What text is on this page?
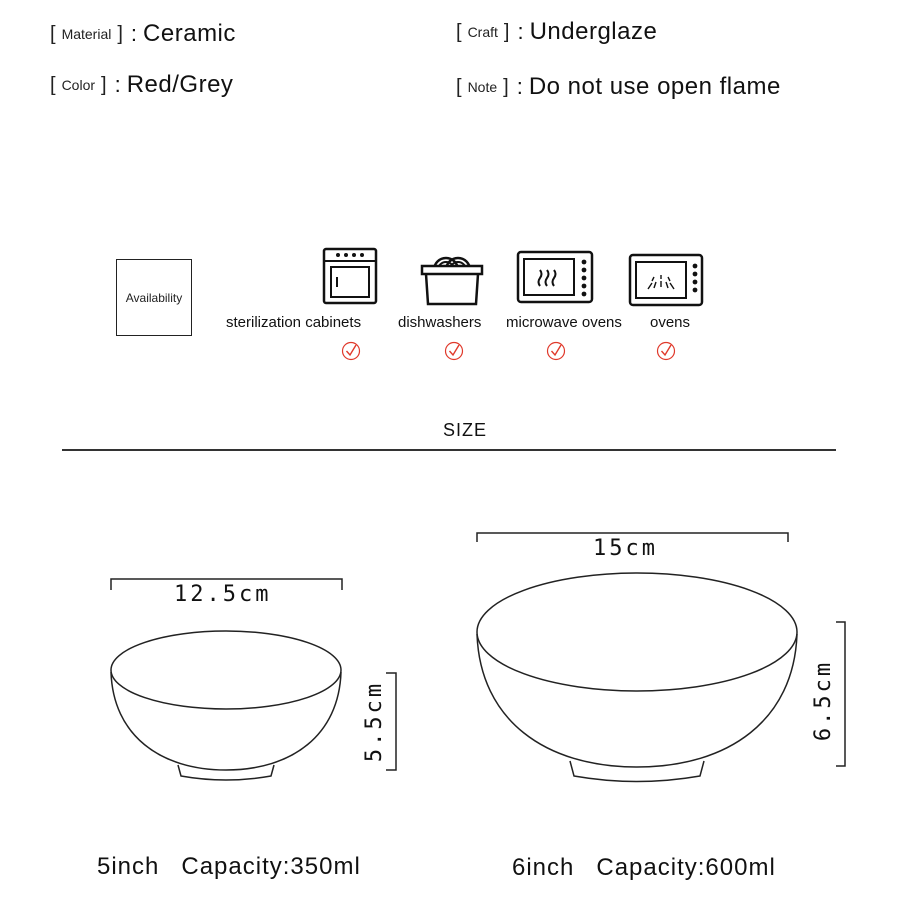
[ Material ] : Ceramic	[ Craft ] : Underglaze
[ Color ] : Red/Grey	[ Note ] : Do not use open flame
Availability
sterilization cabinets dishwashers microwave ovens ovens
SIZE
12.5cm
5.5cm
15cm
6.5cm
5inch Capacity:350ml	6inch Capacity:600ml
